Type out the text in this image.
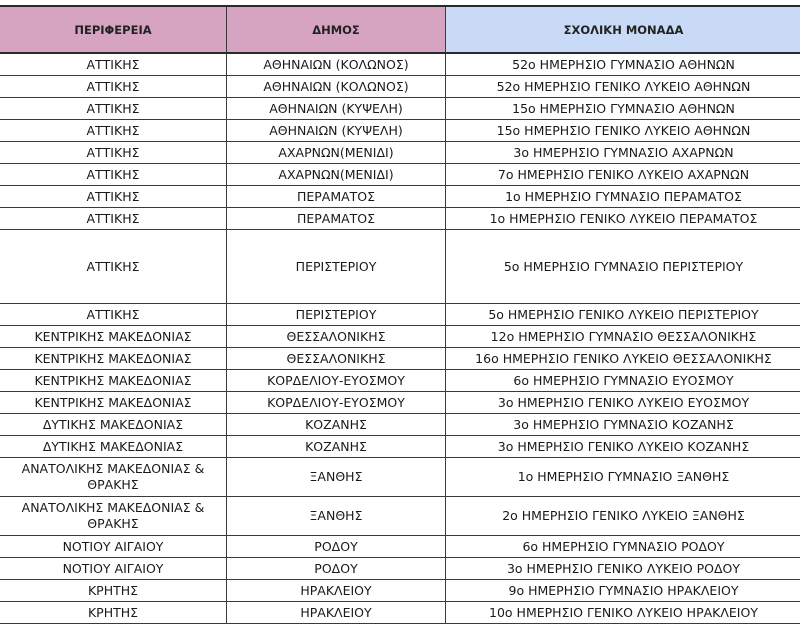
ΠΕΡΙΦΕΡΕΙΑ	ΔΗΜΟΣ	ΣΧΟΛΙΚΗ ΜΟΝΑΔΑ
ΑΤΤΙΚΗΣ	ΑΘΗΝΑΙΩΝ (ΚΟΛΩΝΟΣ)	52ο ΗΜΕΡΗΣΙΟ ΓΥΜΝΑΣΙΟ ΑΘΗΝΩΝ
ΑΤΤΙΚΗΣ	ΑΘΗΝΑΙΩΝ (ΚΟΛΩΝΟΣ)	52ο ΗΜΕΡΗΣΙΟ ΓΕΝΙΚΟ ΛΥΚΕΙΟ ΑΘΗΝΩΝ
ΑΤΤΙΚΗΣ	ΑΘΗΝΑΙΩΝ (ΚΥΨΕΛΗ)	15ο ΗΜΕΡΗΣΙΟ ΓΥΜΝΑΣΙΟ ΑΘΗΝΩΝ
ΑΤΤΙΚΗΣ	ΑΘΗΝΑΙΩΝ (ΚΥΨΕΛΗ)	15ο ΗΜΕΡΗΣΙΟ ΓΕΝΙΚΟ ΛΥΚΕΙΟ ΑΘΗΝΩΝ
ΑΤΤΙΚΗΣ	ΑΧΑΡΝΩΝ(ΜΕΝΙΔΙ)	3ο ΗΜΕΡΗΣΙΟ ΓΥΜΝΑΣΙΟ ΑΧΑΡΝΩΝ
ΑΤΤΙΚΗΣ	ΑΧΑΡΝΩΝ(ΜΕΝΙΔΙ)	7ο ΗΜΕΡΗΣΙΟ ΓΕΝΙΚΟ ΛΥΚΕΙΟ ΑΧΑΡΝΩΝ
ΑΤΤΙΚΗΣ	ΠΕΡΑΜΑΤΟΣ	1ο ΗΜΕΡΗΣΙΟ ΓΥΜΝΑΣΙΟ ΠΕΡΑΜΑΤΟΣ
ΑΤΤΙΚΗΣ	ΠΕΡΑΜΑΤΟΣ	1ο ΗΜΕΡΗΣΙΟ ΓΕΝΙΚΟ ΛΥΚΕΙΟ ΠΕΡΑΜΑΤΟΣ
ΑΤΤΙΚΗΣ	ΠΕΡΙΣΤΕΡΙΟΥ	5ο ΗΜΕΡΗΣΙΟ ΓΥΜΝΑΣΙΟ ΠΕΡΙΣΤΕΡΙΟΥ
ΑΤΤΙΚΗΣ	ΠΕΡΙΣΤΕΡΙΟΥ	5ο ΗΜΕΡΗΣΙΟ ΓΕΝΙΚΟ ΛΥΚΕΙΟ ΠΕΡΙΣΤΕΡΙΟΥ
ΚΕΝΤΡΙΚΗΣ ΜΑΚΕΔΟΝΙΑΣ	ΘΕΣΣΑΛΟΝΙΚΗΣ	12ο ΗΜΕΡΗΣΙΟ ΓΥΜΝΑΣΙΟ ΘΕΣΣΑΛΟΝΙΚΗΣ
ΚΕΝΤΡΙΚΗΣ ΜΑΚΕΔΟΝΙΑΣ	ΘΕΣΣΑΛΟΝΙΚΗΣ	16ο ΗΜΕΡΗΣΙΟ ΓΕΝΙΚΟ ΛΥΚΕΙΟ ΘΕΣΣΑΛΟΝΙΚΗΣ
ΚΕΝΤΡΙΚΗΣ ΜΑΚΕΔΟΝΙΑΣ	ΚΟΡΔΕΛΙΟΥ-ΕΥΟΣΜΟΥ	6ο ΗΜΕΡΗΣΙΟ ΓΥΜΝΑΣΙΟ ΕΥΟΣΜΟΥ
ΚΕΝΤΡΙΚΗΣ ΜΑΚΕΔΟΝΙΑΣ	ΚΟΡΔΕΛΙΟΥ-ΕΥΟΣΜΟΥ	3ο ΗΜΕΡΗΣΙΟ ΓΕΝΙΚΟ ΛΥΚΕΙΟ ΕΥΟΣΜΟΥ
ΔΥΤΙΚΗΣ ΜΑΚΕΔΟΝΙΑΣ	ΚΟΖΑΝΗΣ	3ο ΗΜΕΡΗΣΙΟ ΓΥΜΝΑΣΙΟ ΚΟΖΑΝΗΣ
ΔΥΤΙΚΗΣ ΜΑΚΕΔΟΝΙΑΣ	ΚΟΖΑΝΗΣ	3ο ΗΜΕΡΗΣΙΟ ΓΕΝΙΚΟ ΛΥΚΕΙΟ ΚΟΖΑΝΗΣ
ΑΝΑΤΟΛΙΚΗΣ ΜΑΚΕΔΟΝΙΑΣ & ΘΡΑΚΗΣ	ΞΑΝΘΗΣ	1ο ΗΜΕΡΗΣΙΟ ΓΥΜΝΑΣΙΟ ΞΑΝΘΗΣ
ΑΝΑΤΟΛΙΚΗΣ ΜΑΚΕΔΟΝΙΑΣ & ΘΡΑΚΗΣ	ΞΑΝΘΗΣ	2ο ΗΜΕΡΗΣΙΟ ΓΕΝΙΚΟ ΛΥΚΕΙΟ ΞΑΝΘΗΣ
ΝΟΤΙΟΥ ΑΙΓΑΙΟΥ	ΡΟΔΟΥ	6ο ΗΜΕΡΗΣΙΟ ΓΥΜΝΑΣΙΟ ΡΟΔΟΥ
ΝΟΤΙΟΥ ΑΙΓΑΙΟΥ	ΡΟΔΟΥ	3ο ΗΜΕΡΗΣΙΟ ΓΕΝΙΚΟ ΛΥΚΕΙΟ ΡΟΔΟΥ
ΚΡΗΤΗΣ	ΗΡΑΚΛΕΙΟΥ	9ο ΗΜΕΡΗΣΙΟ ΓΥΜΝΑΣΙΟ ΗΡΑΚΛΕΙΟΥ
ΚΡΗΤΗΣ	ΗΡΑΚΛΕΙΟΥ	10ο ΗΜΕΡΗΣΙΟ ΓΕΝΙΚΟ ΛΥΚΕΙΟ ΗΡΑΚΛΕΙΟΥ
